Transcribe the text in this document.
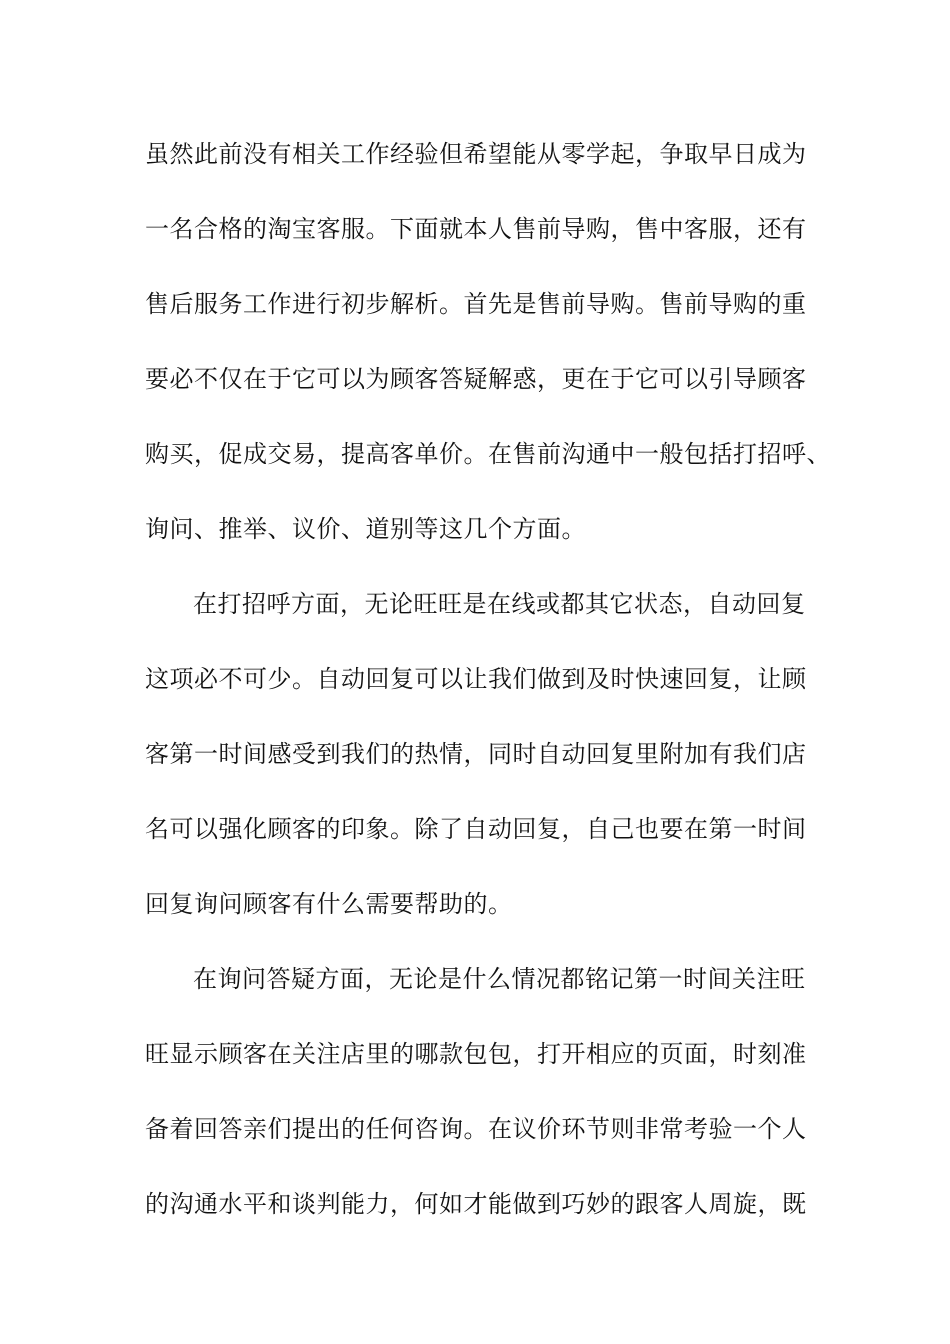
虽然此前没有相关工作经验但希望能从零学起，争取早日成为
一名合格的淘宝客服。下面就本人售前导购，售中客服，还有
售后服务工作进行初步解析。首先是售前导购。售前导购的重
要必不仅在于它可以为顾客答疑解惑，更在于它可以引导顾客
购买，促成交易，提高客单价。在售前沟通中一般包括打招呼、
询问、推举、议价、道别等这几个方面。
在打招呼方面，无论旺旺是在线或都其它状态，自动回复
这项必不可少。自动回复可以让我们做到及时快速回复，让顾
客第一时间感受到我们的热情，同时自动回复里附加有我们店
名可以强化顾客的印象。除了自动回复，自己也要在第一时间
回复询问顾客有什么需要帮助的。
在询问答疑方面，无论是什么情况都铭记第一时间关注旺
旺显示顾客在关注店里的哪款包包，打开相应的页面，时刻准
备着回答亲们提出的任何咨询。在议价环节则非常考验一个人
的沟通水平和谈判能力，何如才能做到巧妙的跟客人周旋，既
